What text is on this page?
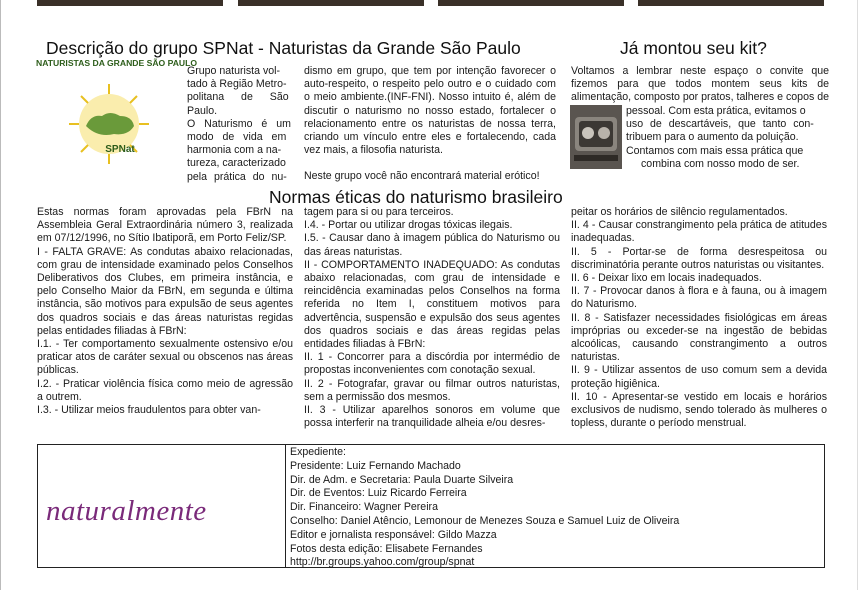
Descrição do grupo SPNat - Naturistas da Grande São Paulo	Já montou seu kit?
NATURISTAS DA GRANDE SÃO PAULO
SPNat
Grupo naturista vol-
tado à Região Metro-
politana de São
Paulo.
O Naturismo é um
modo de vida em
harmonia com a na-
tureza, caracterizado
pela prática do nu-

dismo em grupo, que tem por intenção favorecer o auto-respeito, o respeito pelo outro e o cuidado com o meio ambiente.(INF-FNI). Nosso intuito é, além de discutir o naturismo no nosso estado, fortalecer o relacionamento entre os naturistas de nossa terra, criando um vínculo entre eles e fortalecendo, cada vez mais, a filosofia naturista.

Neste grupo você não encontrará material erótico!

Voltamos a lembrar neste espaço o convite que fizemos para que todos montem seus kits de alimentação, composto por pratos, talheres e copos de
pessoal. Com esta prática, evitamos o
uso de descartáveis, que tanto con-
tribuem para o aumento da poluição.
Contamos com mais essa prática que
combina com nosso modo de ser.
Normas éticas do naturismo brasileiro

Estas normas foram aprovadas pela FBrN na Assembleia Geral Extraordinária número 3, realizada em 07/12/1996, no Sítio Ibatiporã, em Porto Feliz/SP.

I - FALTA GRAVE: As condutas abaixo relacionadas, com grau de intensidade examinado pelos Conselhos Deliberativos dos Clubes, em primeira instância, e pelo Conselho Maior da FBrN, em segunda e última instância, são motivos para expulsão de seus agentes dos quadros sociais e das áreas naturistas regidas pelas entidades filiadas à FBrN:

I.1. - Ter comportamento sexualmente ostensivo e/ou praticar atos de caráter sexual ou obscenos nas áreas públicas.

I.2. - Praticar violência física como meio de agressão a outrem.

I.3. - Utilizar meios fraudulentos para obter van-

tagem para si ou para terceiros.

I.4. - Portar ou utilizar drogas tóxicas ilegais.

I.5. - Causar dano à imagem pública do Naturismo ou das áreas naturistas.

II - COMPORTAMENTO INADEQUADO: As condutas abaixo relacionadas, com grau de intensidade e reincidência examinadas pelos Conselhos na forma referida no Item I, constituem motivos para advertência, suspensão e expulsão dos seus agentes dos quadros sociais e das áreas regidas pelas entidades filiadas à FBrN:

II. 1 - Concorrer para a discórdia por intermédio de propostas inconvenientes com conotação sexual.

II. 2 - Fotografar, gravar ou filmar outros naturistas, sem a permissão dos mesmos.

II. 3 - Utilizar aparelhos sonoros em volume que possa interferir na tranquilidade alheia e/ou desres-

peitar os horários de silêncio regulamentados.

II. 4 - Causar constrangimento pela prática de atitudes inadequadas.

II. 5 - Portar-se de forma desrespeitosa ou discriminatória perante outros naturistas ou visitantes.

II. 6 - Deixar lixo em locais inadequados.

II. 7 - Provocar danos à flora e à fauna, ou à imagem do Naturismo.

II. 8 - Satisfazer necessidades fisiológicas em áreas impróprias ou exceder-se na ingestão de bebidas alcoólicas, causando constrangimento a outros naturistas.

II. 9 - Utilizar assentos de uso comum sem a devida proteção higiênica.

II. 10 - Apresentar-se vestido em locais e horários exclusivos de nudismo, sendo tolerado às mulheres o topless, durante o período menstrual.

naturalmente
Expediente:
Presidente: Luiz Fernando Machado
Dir. de Adm. e Secretaria: Paula Duarte Silveira
Dir. de Eventos: Luiz Ricardo Ferreira
Dir. Financeiro: Wagner Pereira
Conselho: Daniel Atêncio, Lemonour de Menezes Souza e Samuel Luiz de Oliveira
Editor e jornalista responsável: Gildo Mazza
Fotos desta edição: Elisabete Fernandes
http://br.groups.yahoo.com/group/spnat
